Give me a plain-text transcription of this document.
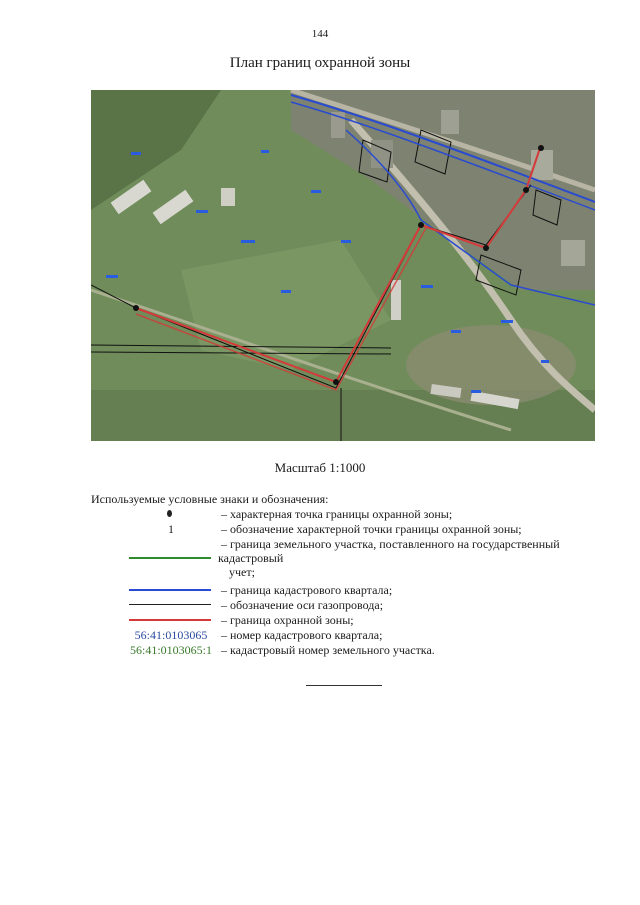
144
План границ охранной зоны
Масштаб 1:1000
Используемые условные знаки и обозначения:
– характерная точка границы охранной зоны;
1	– обозначение характерной точки границы охранной зоны;
– граница земельного участка, поставленного на государственный
кадастровый
учет;
– граница кадастрового квартала;
– обозначение оси газопровода;
– граница охранной зоны;
56:41:0103065	– номер кадастрового квартала;
56:41:0103065:1 – кадастровый номер земельного участка.
